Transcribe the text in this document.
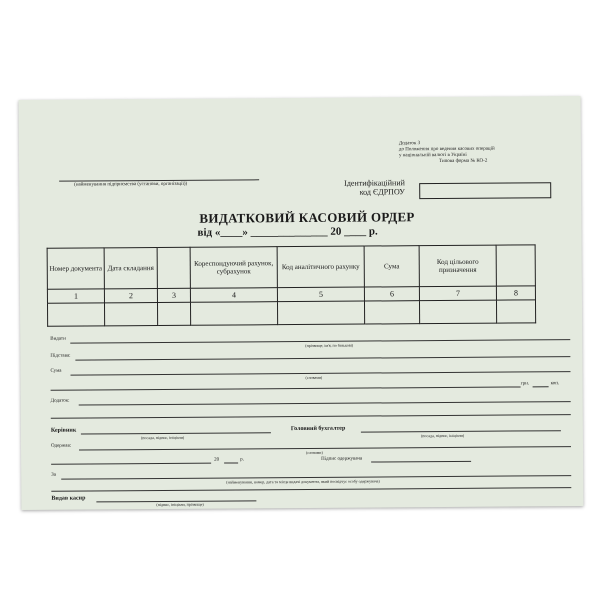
Додаток 3
до Положення про ведення касових операцій
у національній валюті в Україні
Типова форма № КО-2
(найменування підприємства (установи, організації))	Ідентифікаційний
код ЄДРПОУ
ВИДАТКОВИЙ КАСОВИЙ ОРДЕР
від «____» ______________ 20 ____ р.
Номер документа	Дата складання		Кореспондуючий рахунок, субрахунок	Код аналітичного рахунку	Сума	Код цільового призначення	
1	2	3	4	5	6	7	8

Видати
(прізвище, ім'я, по батькові)
Підстава:
Сума
(словами)
грн.	коп.
Додаток:
Керівник
(посада, підпис, ініціали)
Головний бухгалтер
(посада, підпис, ініціали)
Одержав:
(словами)
20	р.	Підпис одержувача
За
(найменування, номер, дата та місце видачі документа, який посвідчує особу одержувача)
Видав касир
(підпис, ініціали, прізвище)
